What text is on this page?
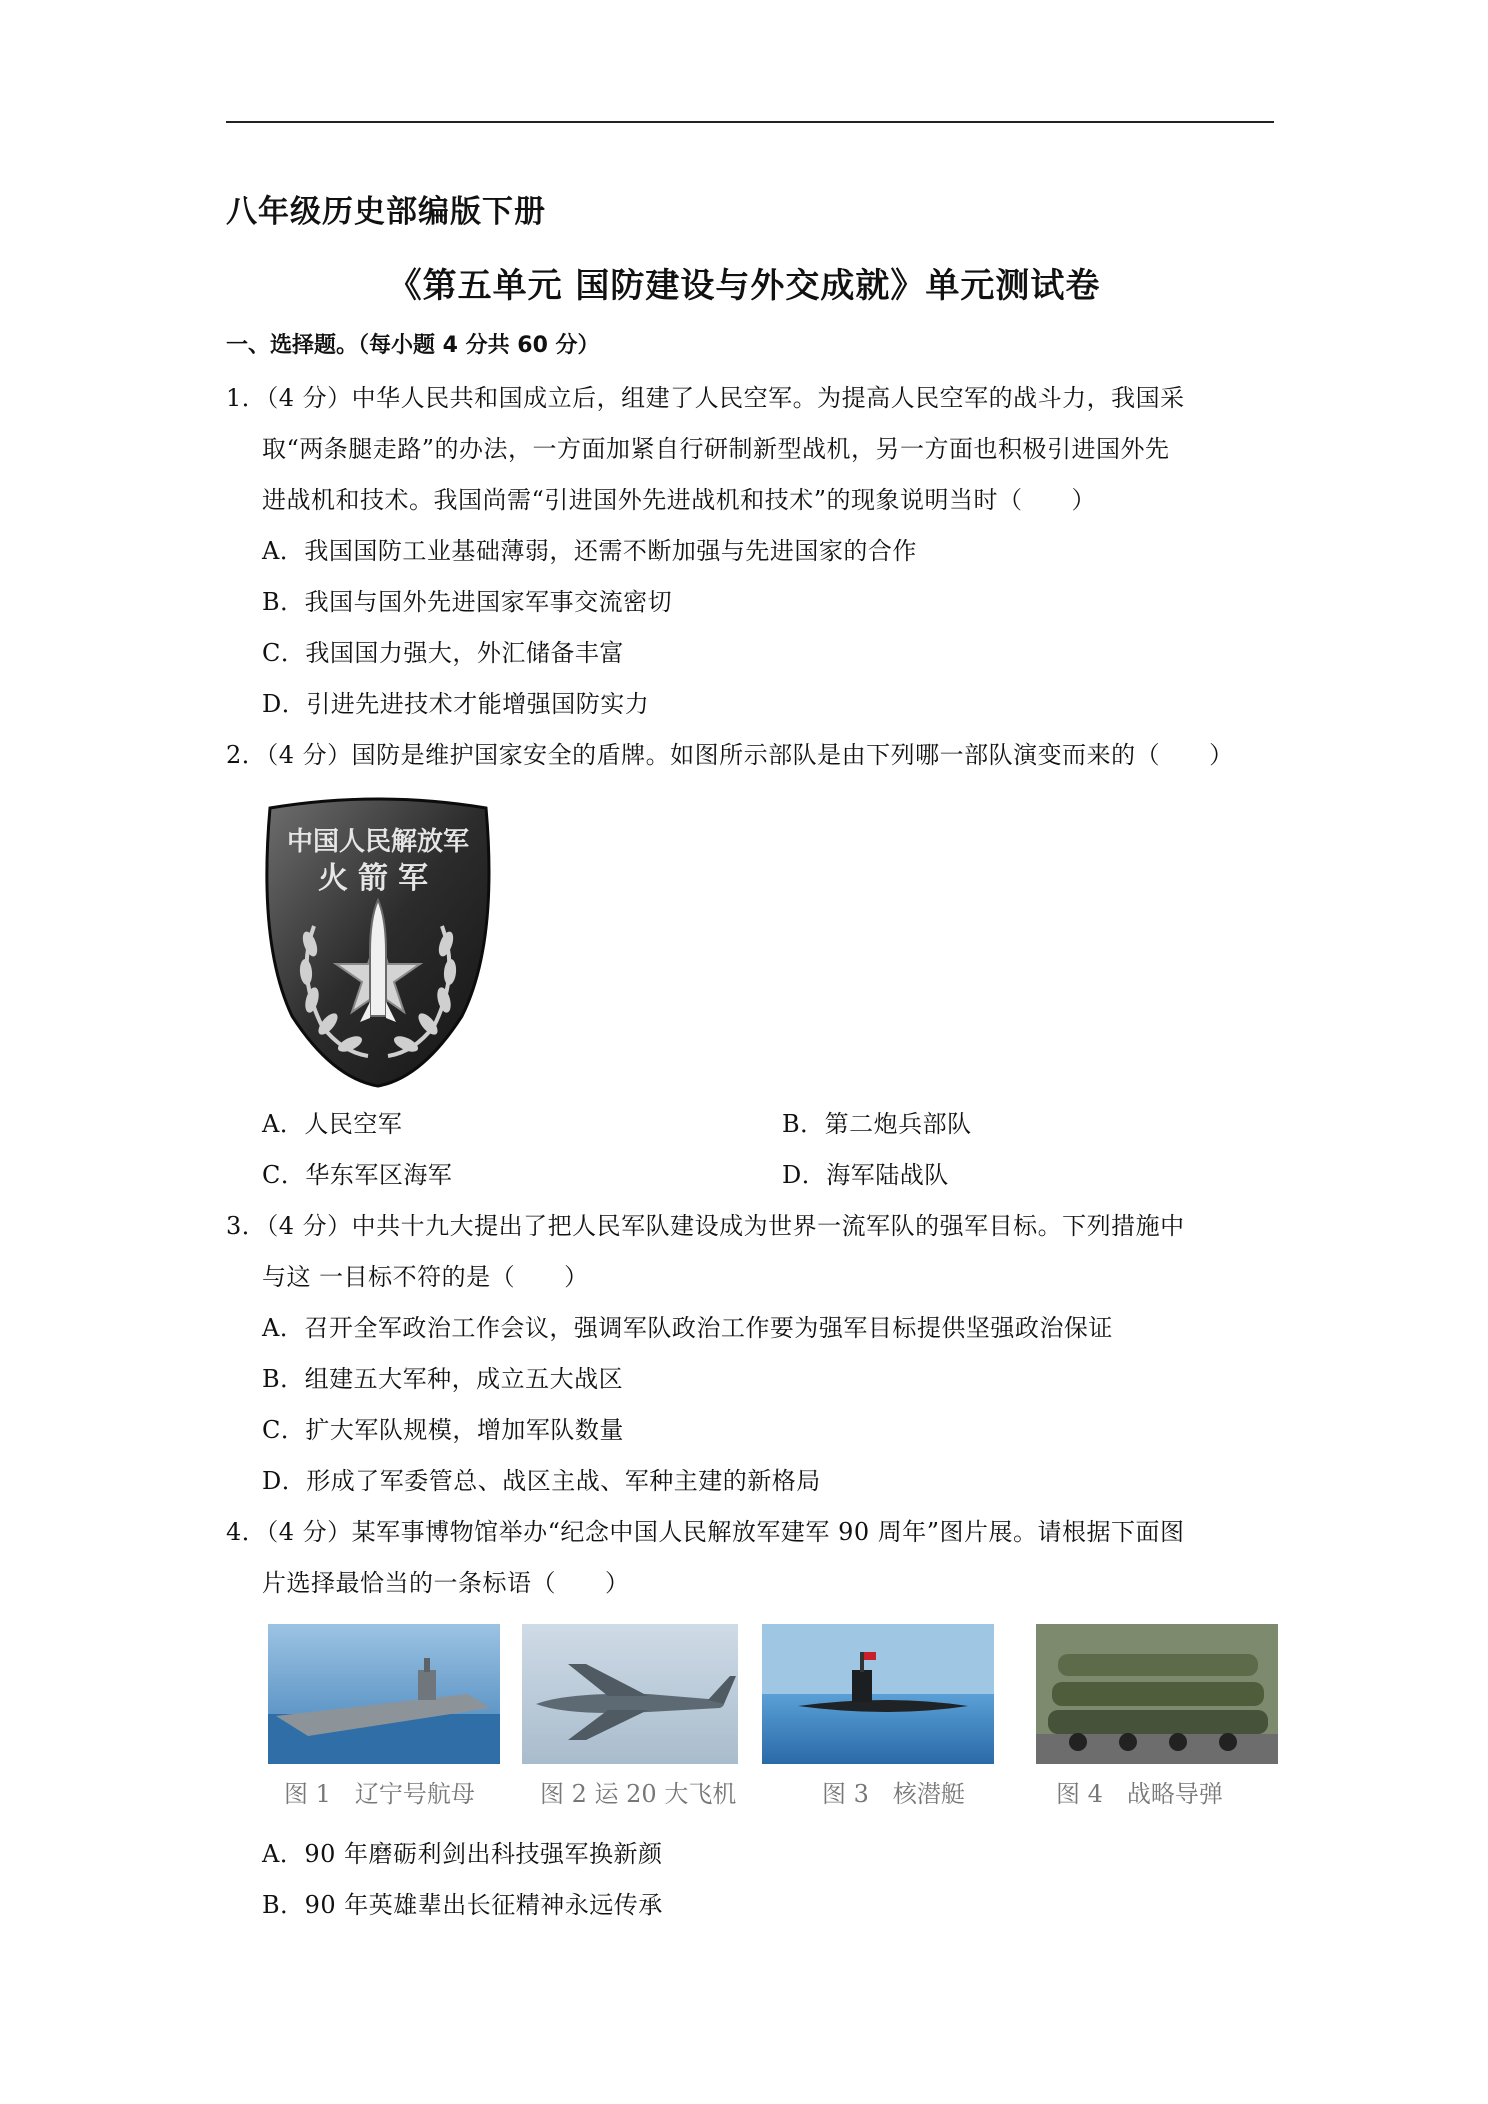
八年级历史部编版下册
《第五单元 国防建设与外交成就》单元测试卷
一、选择题。（每小题 4 分共 60 分）
1．（4 分）中华人民共和国成立后，组建了人民空军。为提高人民空军的战斗力，我国采
取“两条腿走路”的办法，一方面加紧自行研制新型战机，另一方面也积极引进国外先
进战机和技术。我国尚需“引进国外先进战机和技术”的现象说明当时（　　）
A．我国国防工业基础薄弱，还需不断加强与先进国家的合作
B．我国与国外先进国家军事交流密切
C．我国国力强大，外汇储备丰富
D．引进先进技术才能增强国防实力
2．（4 分）国防是维护国家安全的盾牌。如图所示部队是由下列哪一部队演变而来的（　　）
中国人民解放军
火箭军
A．人民空军	B．第二炮兵部队
C．华东军区海军	D．海军陆战队
3．（4 分）中共十九大提出了把人民军队建设成为世界一流军队的强军目标。下列措施中
与这 一目标不符的是（　　）
A．召开全军政治工作会议，强调军队政治工作要为强军目标提供坚强政治保证
B．组建五大军种，成立五大战区
C．扩大军队规模，增加军队数量
D．形成了军委管总、战区主战、军种主建的新格局
4．（4 分）某军事博物馆举办“纪念中国人民解放军建军 90 周年”图片展。请根据下面图
片选择最恰当的一条标语（　　）
图 1　辽宁号航母	图 2 运 20 大飞机	图 3　核潜艇	图 4　战略导弹
A．90 年磨砺利剑出科技强军换新颜
B．90 年英雄辈出长征精神永远传承
